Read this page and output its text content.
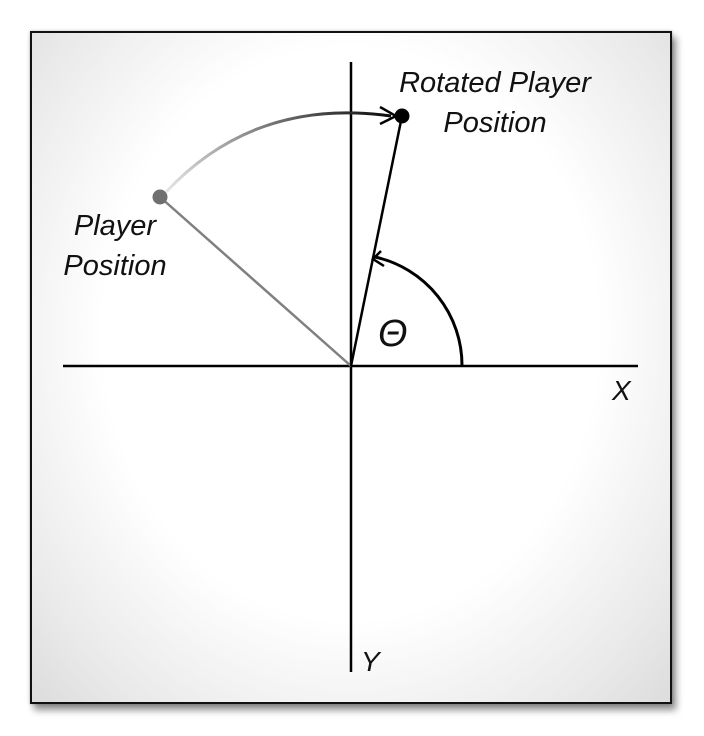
Θ
X
Y
Player
Position
Rotated Player
Position
